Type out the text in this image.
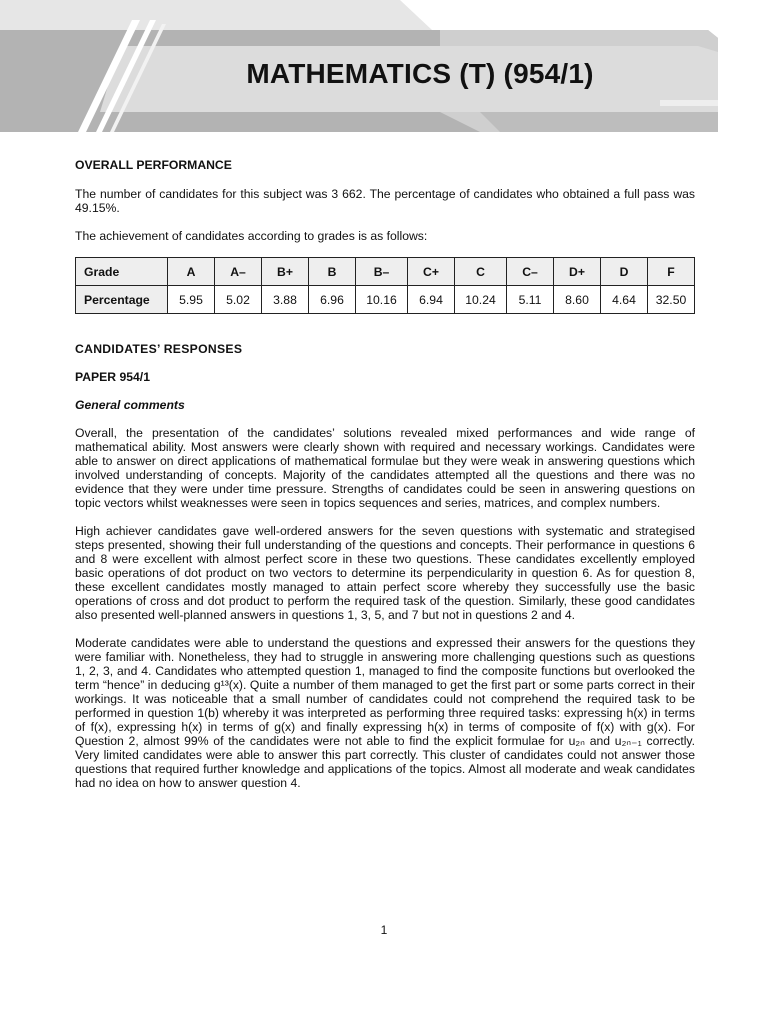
MATHEMATICS (T) (954/1)

OVERALL PERFORMANCE

The number of candidates for this subject was 3 662. The percentage of candidates who obtained a full pass was 49.15%.

The achievement of candidates according to grades is as follows:

Grade	A	A–	B+	B	B–	C+	C	C–	D+	D	F
Percentage	5.95	5.02	3.88	6.96	10.16	6.94	10.24	5.11	8.60	4.64	32.50

CANDIDATES’ RESPONSES

PAPER 954/1

General comments

Overall, the presentation of the candidates’ solutions revealed mixed performances and wide range of mathematical ability. Most answers were clearly shown with required and necessary workings. Candidates were able to answer on direct applications of mathematical formulae but they were weak in answering questions which involved understanding of concepts. Majority of the candidates attempted all the questions and there was no evidence that they were under time pressure. Strengths of candidates could be seen in answering questions on topic vectors whilst weaknesses were seen in topics sequences and series, matrices, and complex numbers.

High achiever candidates gave well-ordered answers for the seven questions with systematic and strategised steps presented, showing their full understanding of the questions and concepts. Their performance in questions 6 and 8 were excellent with almost perfect score in these two questions. These candidates excellently employed basic operations of dot product on two vectors to determine its perpendicularity in question 6. As for question 8, these excellent candidates mostly managed to attain perfect score whereby they successfully use the basic operations of cross and dot product to perform the required task of the question. Similarly, these good candidates also presented well-planned answers in questions 1, 3, 5, and 7 but not in questions 2 and 4.

Moderate candidates were able to understand the questions and expressed their answers for the questions they were familiar with. Nonetheless, they had to struggle in answering more challenging questions such as questions 1, 2, 3, and 4. Candidates who attempted question 1, managed to find the composite functions but overlooked the term “hence” in deducing g¹³(x). Quite a number of them managed to get the first part or some parts correct in their workings. It was noticeable that a small number of candidates could not comprehend the required task to be performed in question 1(b) whereby it was interpreted as performing three required tasks: expressing h(x) in terms of f(x), expressing h(x) in terms of g(x) and finally expressing h(x) in terms of composite of f(x) with g(x). For Question 2, almost 99% of the candidates were not able to find the explicit formulae for u₂ₙ and u₂ₙ₋₁ correctly. Very limited candidates were able to answer this part correctly. This cluster of candidates could not answer those questions that required further knowledge and applications of the topics. Almost all moderate and weak candidates had no idea on how to answer question 4.

1
